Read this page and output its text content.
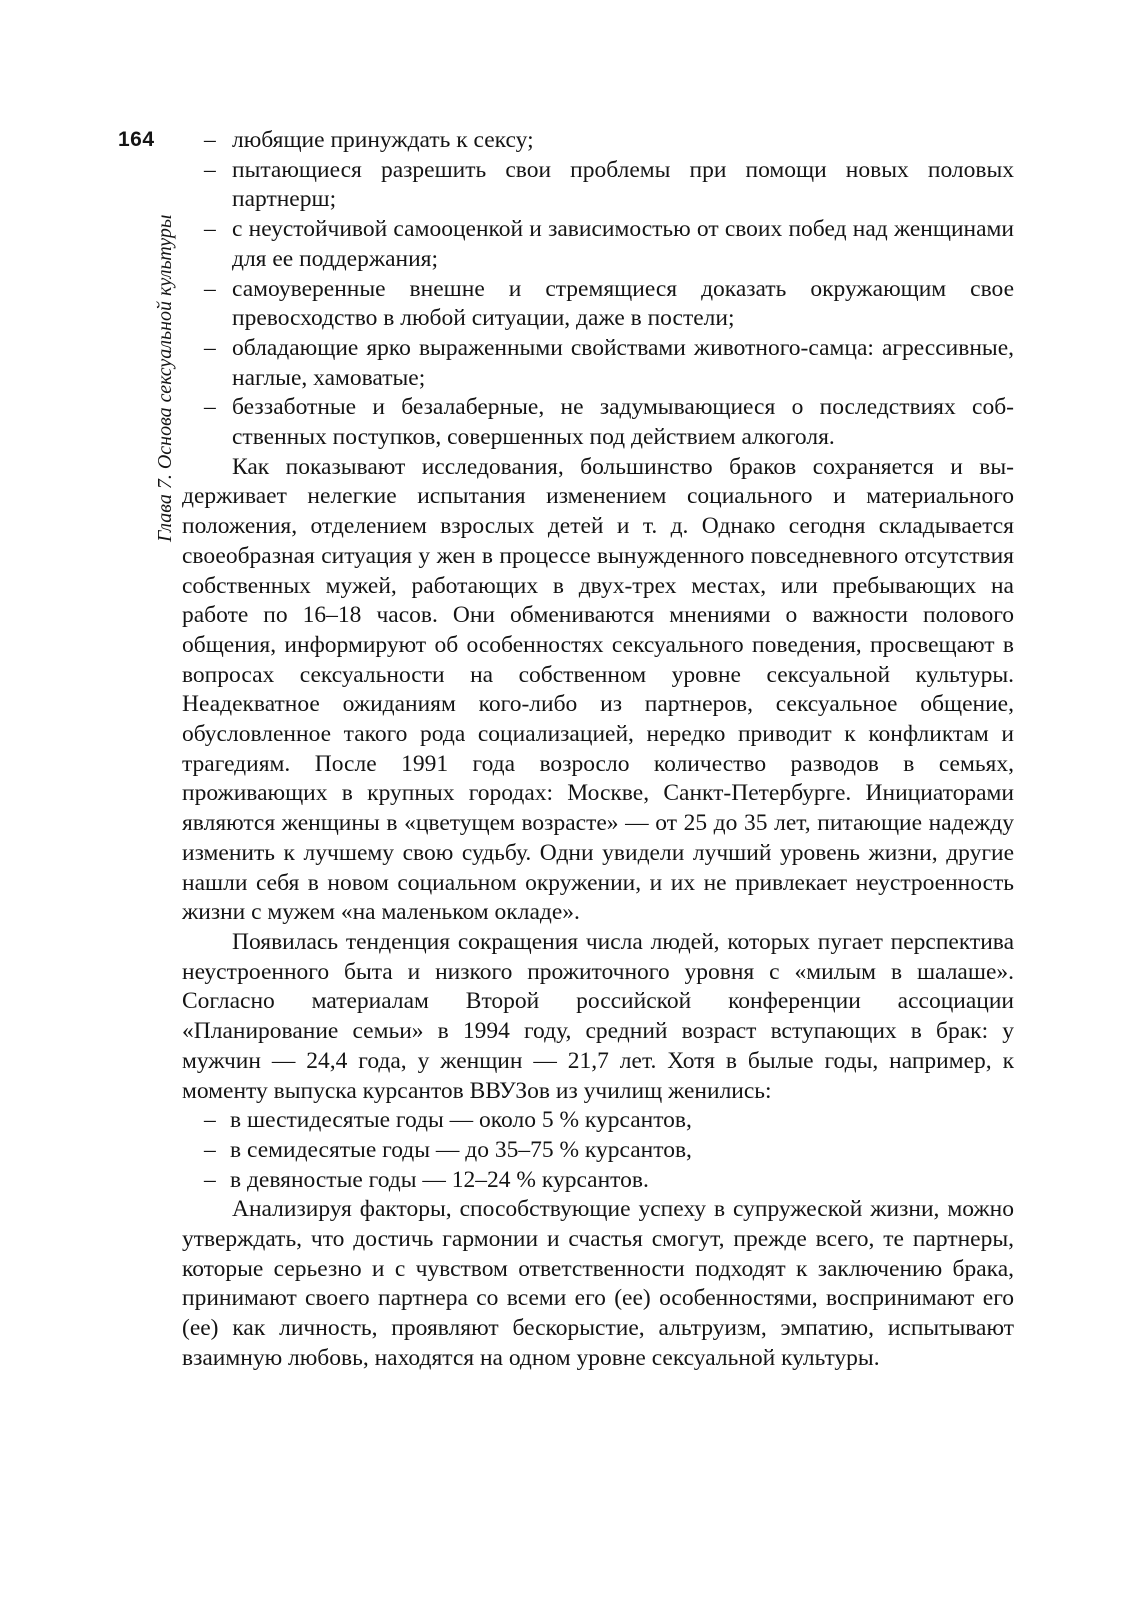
164
Глава 7. Основа сексуальной культуры
– любящие принуждать к сексу;
– пытающиеся разрешить свои проблемы при помощи новых половых партнерш;
– с неустойчивой самооценкой и зависимостью от своих побед над женщинами для ее поддержания;
– самоуверенные внешне и стремящиеся доказать окружающим свое превосходство в любой ситуации, даже в постели;
– обладающие ярко выраженными свойствами животного-самца: агрессивные, наглые, хамоватые;
– беззаботные и безалаберные, не задумывающиеся о последствиях собственных поступков, совершенных под действием алкоголя.

Как показывают исследования, большинство браков сохраняется и выдерживает нелегкие испытания изменением социального и материального положения, отделением взрослых детей и т. д. Однако сегодня складывается своеобразная ситуация у жен в процессе вынужденного повседневного отсутствия собственных мужей, работающих в двух-трех местах, или пребывающих на работе по 16–18 часов. Они обмениваются мнениями о важности полового общения, информируют об особенностях сексуального поведения, просвещают в вопросах сексуальности на собственном уровне сексуальной культуры. Неадекватное ожиданиям кого-либо из партнеров, сексуальное общение, обусловленное такого рода социализацией, нередко приводит к конфликтам и трагедиям. После 1991 года возросло количество разводов в семьях, проживающих в крупных городах: Москве, Санкт-Петербурге. Инициаторами являются женщины в «цветущем возрасте» — от 25 до 35 лет, питающие надежду изменить к лучшему свою судьбу. Одни увидели лучший уровень жизни, другие нашли себя в новом социальном окружении, и их не привлекает неустроенность жизни с мужем «на маленьком окладе».

Появилась тенденция сокращения числа людей, которых пугает перспектива неустроенного быта и низкого прожиточного уровня с «милым в шалаше». Согласно материалам Второй российской конференции ассоциации «Планирование семьи» в 1994 году, средний возраст вступающих в брак: у мужчин — 24,4 года, у женщин — 21,7 лет. Хотя в былые годы, например, к моменту выпуска курсантов ВВУЗов из училищ женились:

– в шестидесятые годы — около 5 % курсантов,
– в семидесятые годы — до 35–75 % курсантов,
– в девяностые годы — 12–24 % курсантов.

Анализируя факторы, способствующие успеху в супружеской жизни, можно утверждать, что достичь гармонии и счастья смогут, прежде всего, те партнеры, которые серьезно и с чувством ответственности подходят к заключению брака, принимают своего партнера со всеми его (ее) особенностями, воспринимают его (ее) как личность, проявляют бескорыстие, альтруизм, эмпатию, испытывают взаимную любовь, находятся на одном уровне сексуальной культуры.
